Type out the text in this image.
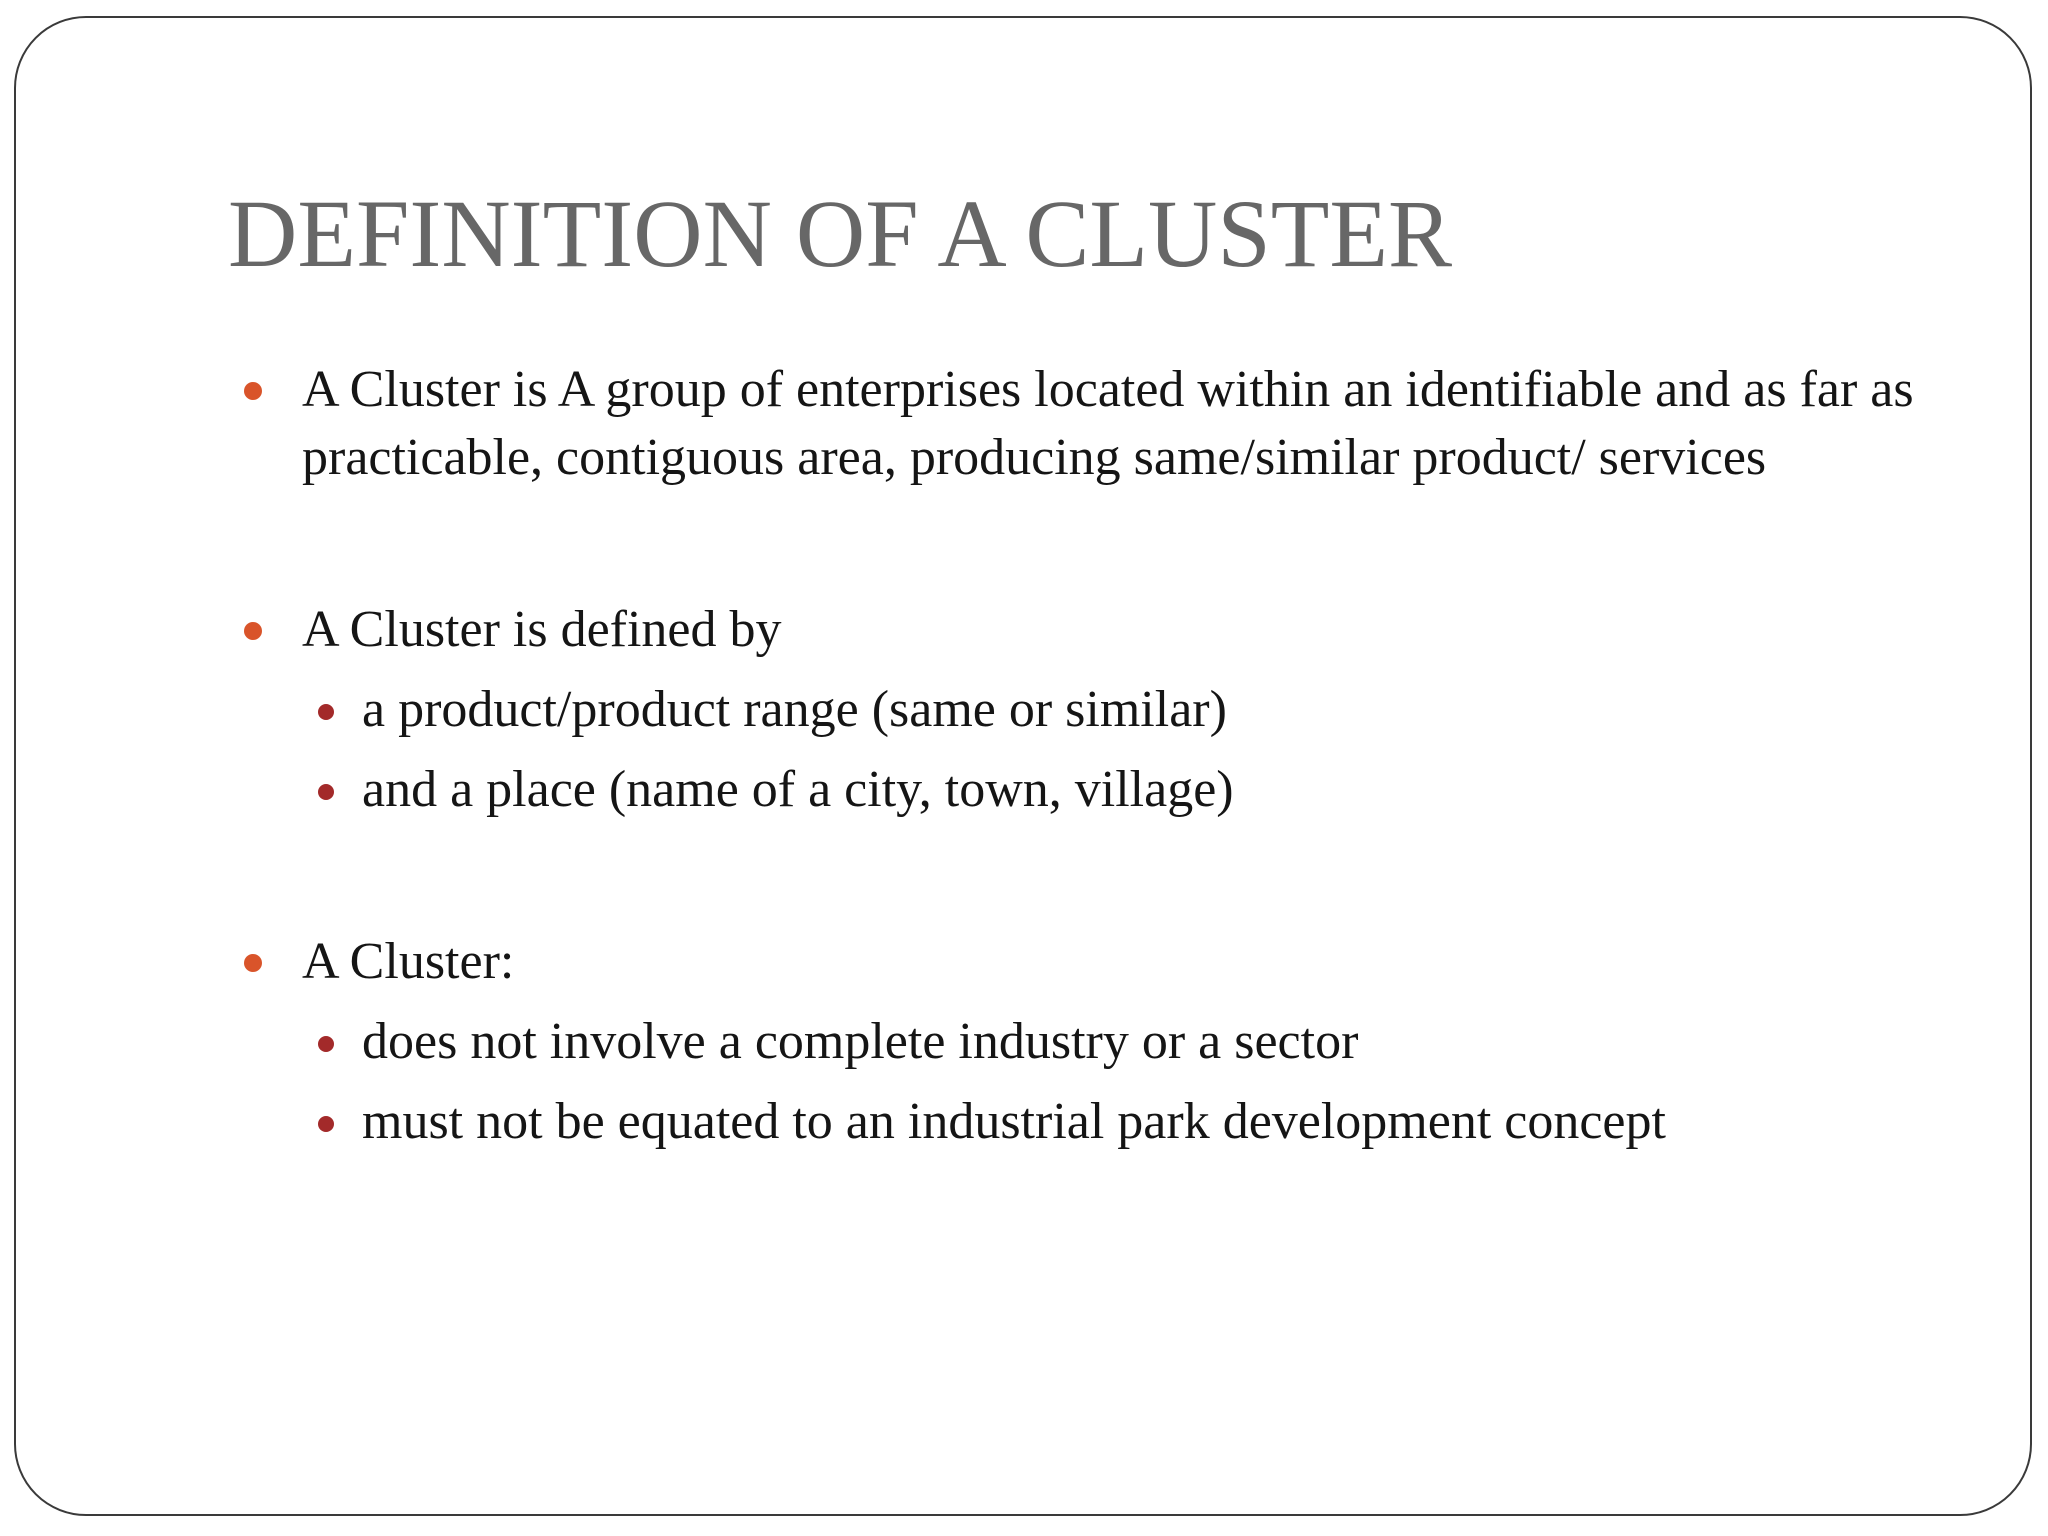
DEFINITION OF A CLUSTER
A Cluster is A group of enterprises located within an identifiable and as far as practicable, contiguous area, producing same/similar product/ services
A Cluster is defined by
a product/product range (same or similar)
and a place (name of a city, town, village)
A Cluster:
does not involve a complete industry or a sector
must not be equated to an industrial park development concept
